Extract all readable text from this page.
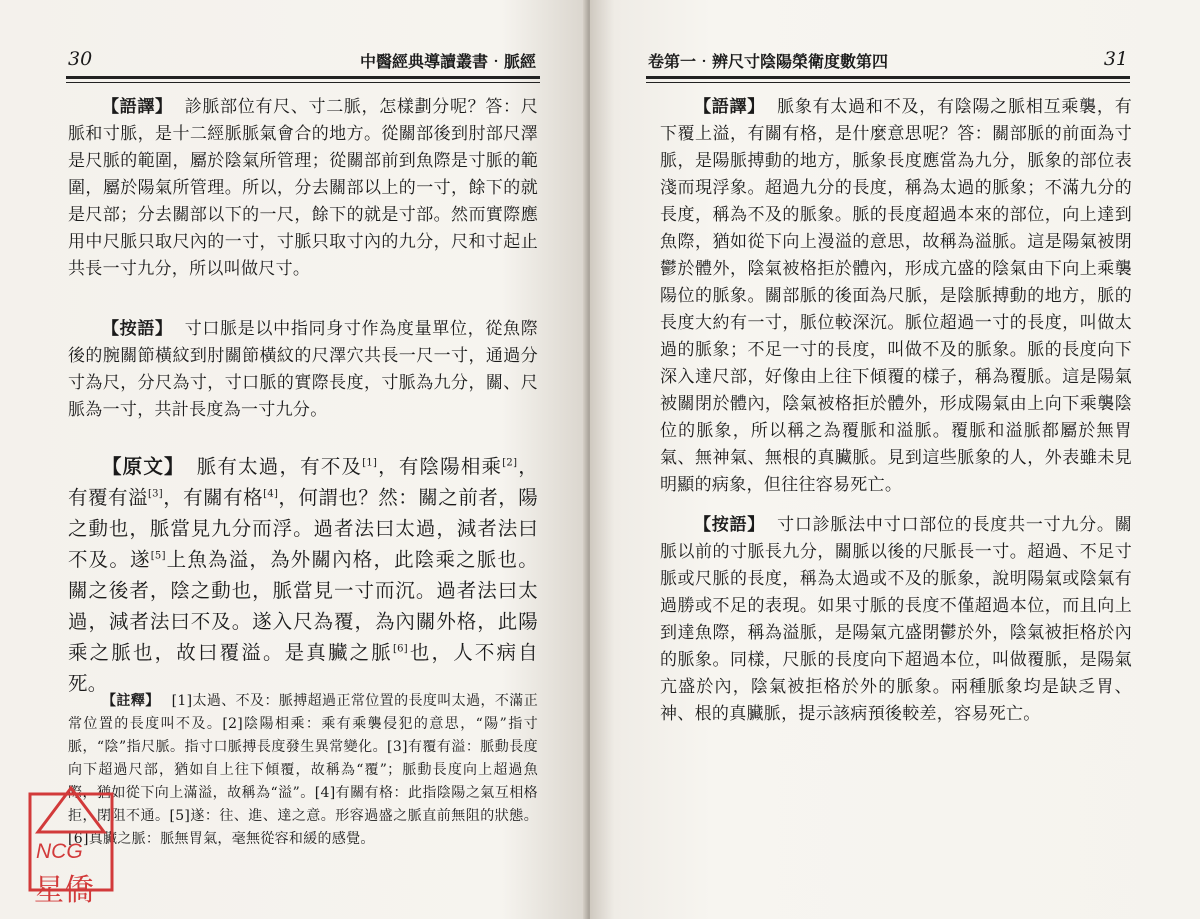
30	中醫經典導讀叢書‧脈經
【語譯】 診脈部位有尺、寸二脈，怎樣劃分呢？答：尺脈和寸脈，是十二經脈脈氣會合的地方。從關部後到肘部尺澤是尺脈的範圍，屬於陰氣所管理；從關部前到魚際是寸脈的範圍，屬於陽氣所管理。所以，分去關部以上的一寸，餘下的就是尺部；分去關部以下的一尺，餘下的就是寸部。然而實際應用中尺脈只取尺內的一寸，寸脈只取寸內的九分，尺和寸起止共長一寸九分，所以叫做尺寸。
【按語】 寸口脈是以中指同身寸作為度量單位，從魚際後的腕關節橫紋到肘關節橫紋的尺澤穴共長一尺一寸，通過分寸為尺，分尺為寸，寸口脈的實際長度，寸脈為九分，關、尺脈為一寸，共計長度為一寸九分。
【原文】 脈有太過，有不及[1]，有陰陽相乘[2]，有覆有溢[3]，有關有格[4]，何謂也？然：關之前者，陽之動也，脈當見九分而浮。過者法曰太過，減者法曰不及。遂[5]上魚為溢，為外關內格，此陰乘之脈也。關之後者，陰之動也，脈當見一寸而沉。過者法曰太過，減者法曰不及。遂入尺為覆，為內關外格，此陽乘之脈也，故曰覆溢。是真臟之脈[6]也，人不病自死。
【註釋】 [1]太過、不及：脈搏超過正常位置的長度叫太過，不滿正常位置的長度叫不及。[2]陰陽相乘：乘有乘襲侵犯的意思，“陽”指寸脈，“陰”指尺脈。指寸口脈搏長度發生異常變化。[3]有覆有溢：脈動長度向下超過尺部，猶如自上往下傾覆，故稱為“覆”；脈動長度向上超過魚際，猶如從下向上滿溢，故稱為“溢”。[4]有關有格：此指陰陽之氣互相格拒，閉阻不通。[5]遂：往、進、達之意。形容過盛之脈直前無阻的狀態。[6]真臟之脈：脈無胃氣，毫無從容和緩的感覺。
NCG
星僑
卷第一‧辨尺寸陰陽榮衛度數第四	31
【語譯】 脈象有太過和不及，有陰陽之脈相互乘襲，有下覆上溢，有關有格，是什麼意思呢？答：關部脈的前面為寸脈，是陽脈搏動的地方，脈象長度應當為九分，脈象的部位表淺而現浮象。超過九分的長度，稱為太過的脈象；不滿九分的長度，稱為不及的脈象。脈的長度超過本來的部位，向上達到魚際，猶如從下向上漫溢的意思，故稱為溢脈。這是陽氣被閉鬱於體外，陰氣被格拒於體內，形成亢盛的陰氣由下向上乘襲陽位的脈象。關部脈的後面為尺脈，是陰脈搏動的地方，脈的長度大約有一寸，脈位較深沉。脈位超過一寸的長度，叫做太過的脈象；不足一寸的長度，叫做不及的脈象。脈的長度向下深入達尺部，好像由上往下傾覆的樣子，稱為覆脈。這是陽氣被關閉於體內，陰氣被格拒於體外，形成陽氣由上向下乘襲陰位的脈象，所以稱之為覆脈和溢脈。覆脈和溢脈都屬於無胃氣、無神氣、無根的真臟脈。見到這些脈象的人，外表雖未見明顯的病象，但往往容易死亡。
【按語】 寸口診脈法中寸口部位的長度共一寸九分。關脈以前的寸脈長九分，關脈以後的尺脈長一寸。超過、不足寸脈或尺脈的長度，稱為太過或不及的脈象，說明陽氣或陰氣有過勝或不足的表現。如果寸脈的長度不僅超過本位，而且向上到達魚際，稱為溢脈，是陽氣亢盛閉鬱於外，陰氣被拒格於內的脈象。同樣，尺脈的長度向下超過本位，叫做覆脈，是陽氣亢盛於內，陰氣被拒格於外的脈象。兩種脈象均是缺乏胃、神、根的真臟脈，提示該病預後較差，容易死亡。
